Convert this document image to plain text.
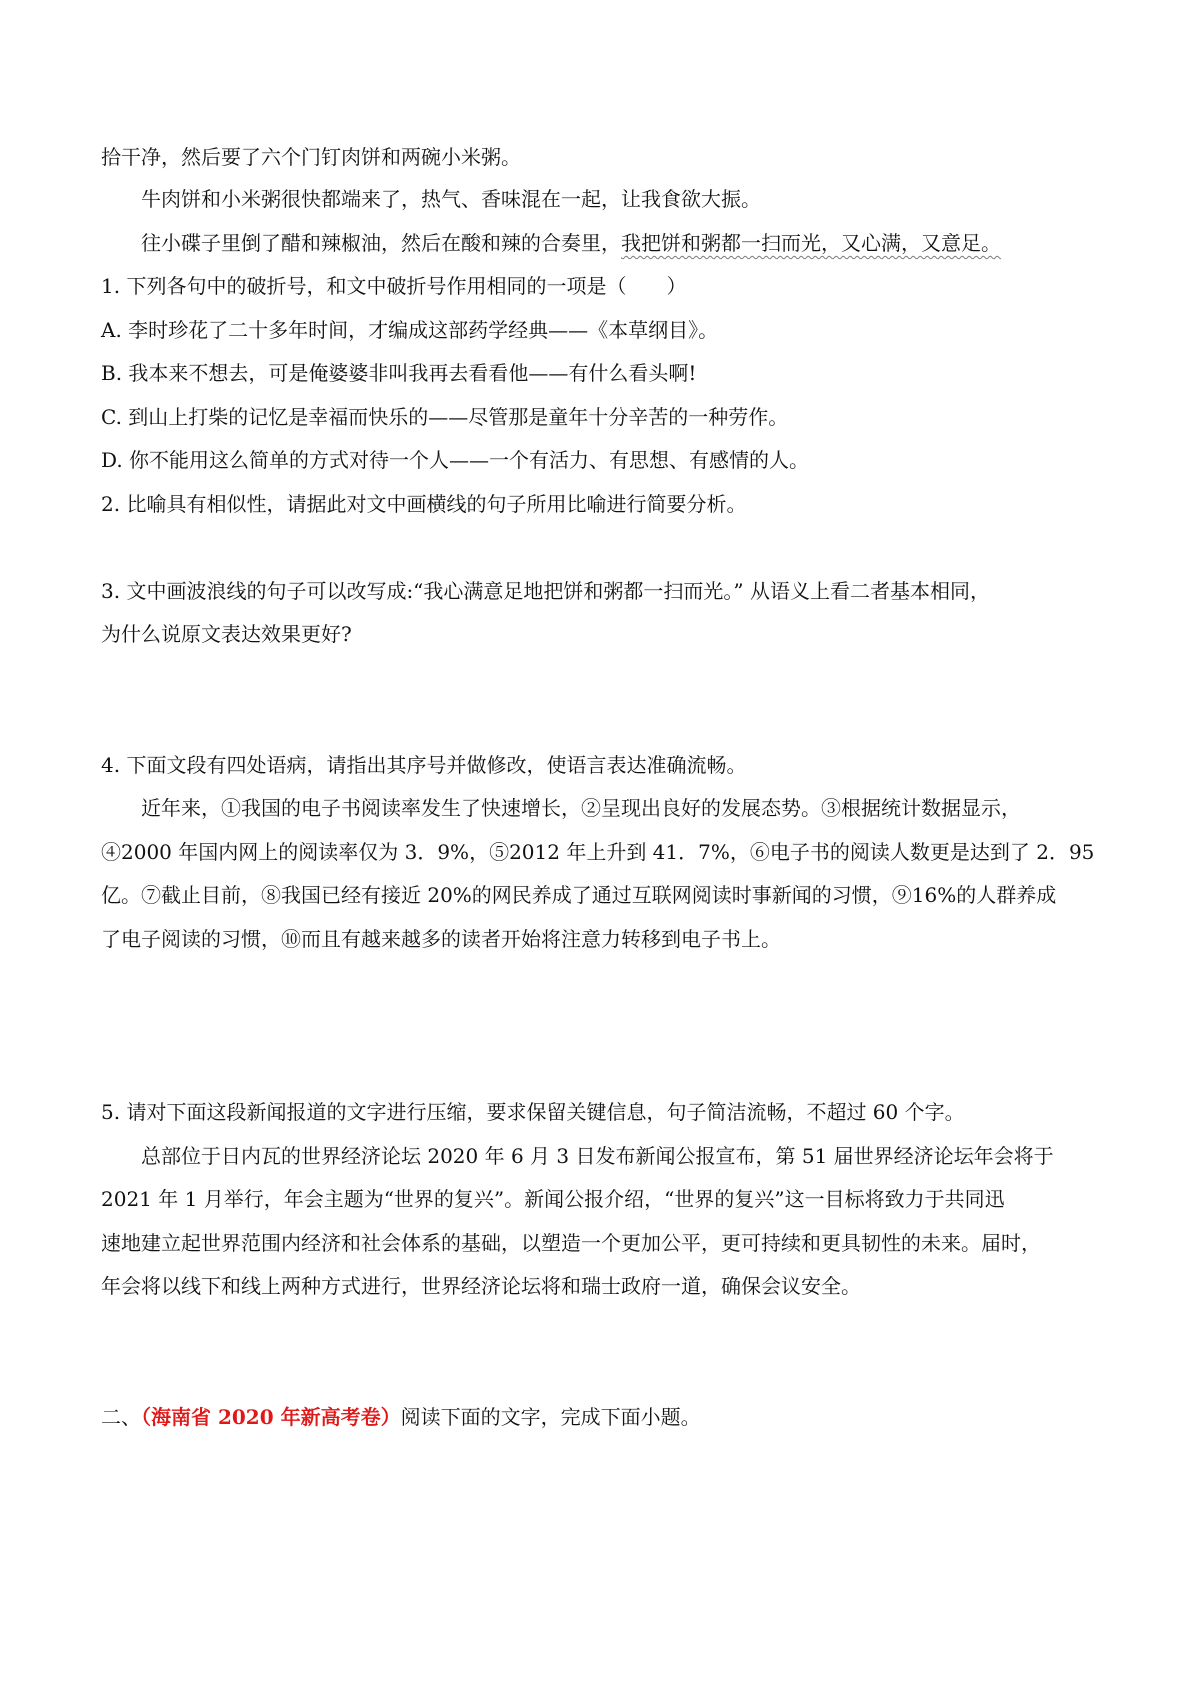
拾干净，然后要了六个门钉肉饼和两碗小米粥。
牛肉饼和小米粥很快都端来了，热气、香味混在一起，让我食欲大振。
往小碟子里倒了醋和辣椒油，然后在酸和辣的合奏里，我把饼和粥都一扫而光，又心满，又意足。
1. 下列各句中的破折号，和文中破折号作用相同的一项是（　　）
A. 李时珍花了二十多年时间，才编成这部药学经典——《本草纲目》。
B. 我本来不想去，可是俺婆婆非叫我再去看看他——有什么看头啊!
C. 到山上打柴的记忆是幸福而快乐的——尽管那是童年十分辛苦的一种劳作。
D. 你不能用这么简单的方式对待一个人——一个有活力、有思想、有感情的人。
2. 比喻具有相似性，请据此对文中画横线的句子所用比喻进行简要分析。
3. 文中画波浪线的句子可以改写成:“我心满意足地把饼和粥都一扫而光。” 从语义上看二者基本相同，
为什么说原文表达效果更好?
4. 下面文段有四处语病，请指出其序号并做修改，使语言表达准确流畅。
近年来，①我国的电子书阅读率发生了快速增长，②呈现出良好的发展态势。③根据统计数据显示，
④2000 年国内网上的阅读率仅为 3．9%，⑤2012 年上升到 41．7%，⑥电子书的阅读人数更是达到了 2．95
亿。⑦截止目前，⑧我国已经有接近 20%的网民养成了通过互联网阅读时事新闻的习惯，⑨16%的人群养成
了电子阅读的习惯，⑩而且有越来越多的读者开始将注意力转移到电子书上。
5. 请对下面这段新闻报道的文字进行压缩，要求保留关键信息，句子简洁流畅，不超过 60 个字。
总部位于日内瓦的世界经济论坛 2020 年 6 月 3 日发布新闻公报宣布，第 51 届世界经济论坛年会将于
2021 年 1 月举行，年会主题为“世界的复兴”。新闻公报介绍，“世界的复兴”这一目标将致力于共同迅
速地建立起世界范围内经济和社会体系的基础，以塑造一个更加公平，更可持续和更具韧性的未来。届时，
年会将以线下和线上两种方式进行，世界经济论坛将和瑞士政府一道，确保会议安全。
二、（海南省 2020 年新高考卷）阅读下面的文字，完成下面小题。
